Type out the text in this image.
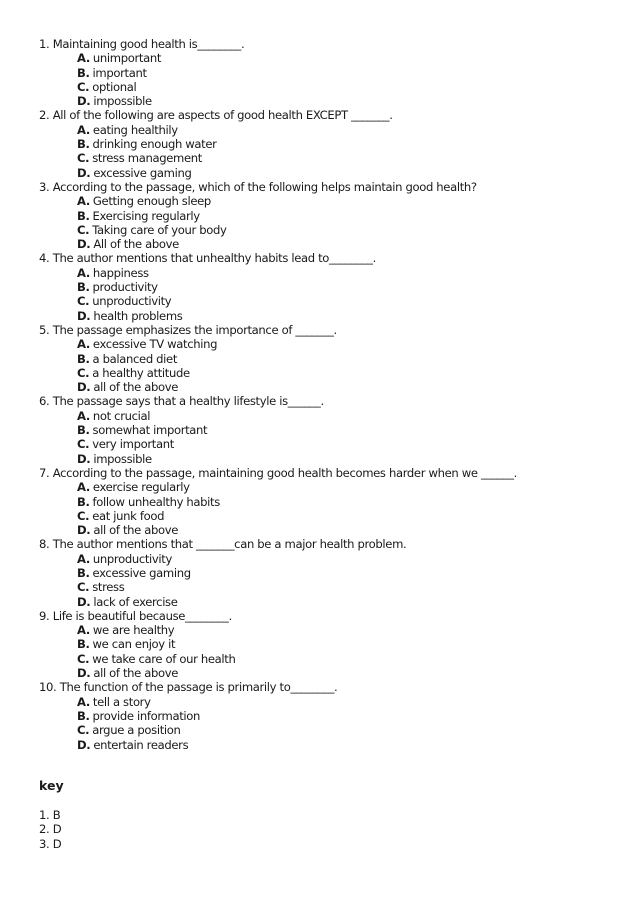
1. Maintaining good health is________.
A. unimportant
B. important
C. optional
D. impossible
2. All of the following are aspects of good health EXCEPT _______.
A. eating healthily
B. drinking enough water
C. stress management
D. excessive gaming
3. According to the passage, which of the following helps maintain good health?
A. Getting enough sleep
B. Exercising regularly
C. Taking care of your body
D. All of the above
4. The author mentions that unhealthy habits lead to________.
A. happiness
B. productivity
C. unproductivity
D. health problems
5. The passage emphasizes the importance of _______.
A. excessive TV watching
B. a balanced diet
C. a healthy attitude
D. all of the above
6. The passage says that a healthy lifestyle is______.
A. not crucial
B. somewhat important
C. very important
D. impossible
7. According to the passage, maintaining good health becomes harder when we ______.
A. exercise regularly
B. follow unhealthy habits
C. eat junk food
D. all of the above
8. The author mentions that _______can be a major health problem.
A. unproductivity
B. excessive gaming
C. stress
D. lack of exercise
9. Life is beautiful because________.
A. we are healthy
B. we can enjoy it
C. we take care of our health
D. all of the above
10. The function of the passage is primarily to________.
A. tell a story
B. provide information
C. argue a position
D. entertain readers
key
1. B
2. D
3. D
